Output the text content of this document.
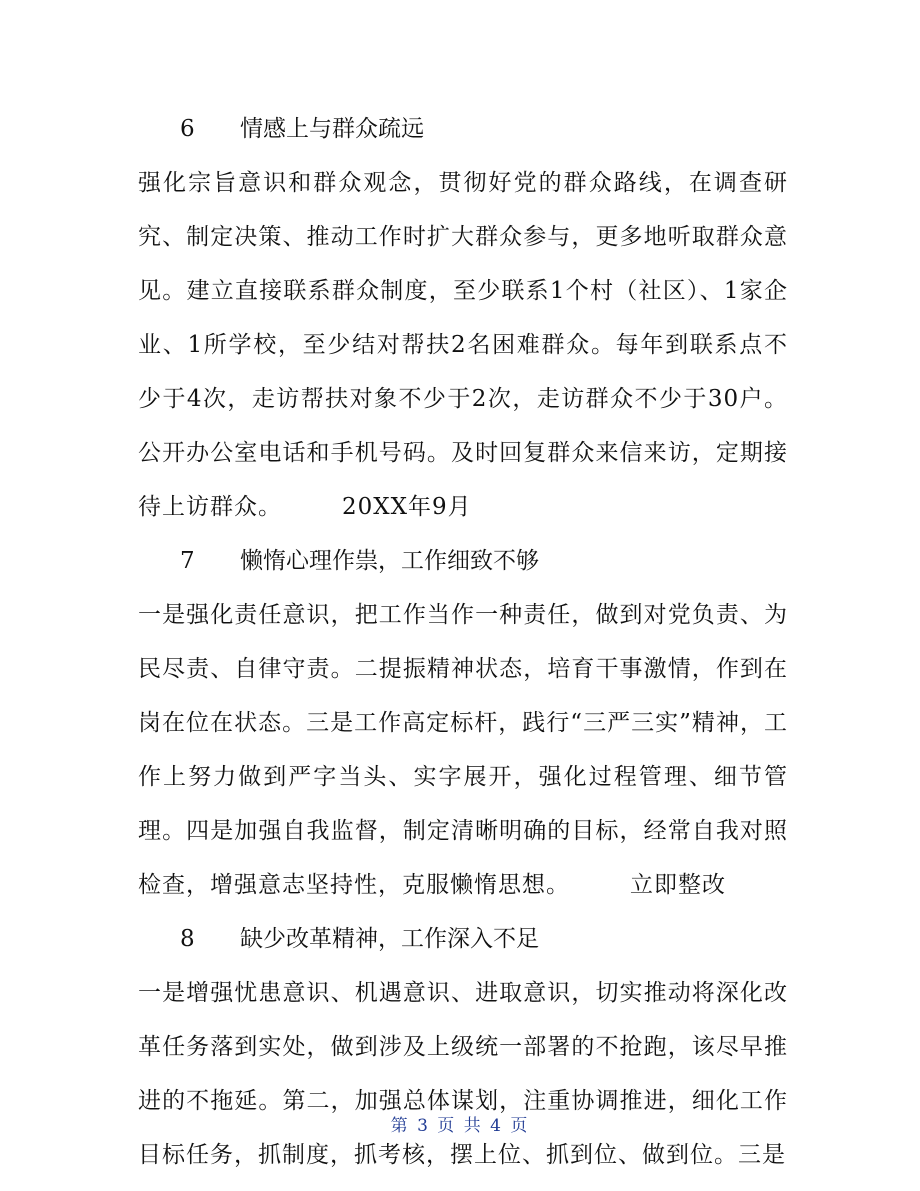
6 情感上与群众疏远

强化宗旨意识和群众观念，贯彻好党的群众路线，在调查研究、制定决策、推动工作时扩大群众参与，更多地听取群众意见。建立直接联系群众制度，至少联系1个村（社区）、1家企业、1所学校，至少结对帮扶2名困难群众。每年到联系点不少于4次，走访帮扶对象不少于2次，走访群众不少于30户。公开办公室电话和手机号码。及时回复群众来信来访，定期接待上访群众。	20XX年9月

7 懒惰心理作祟，工作细致不够

一是强化责任意识，把工作当作一种责任，做到对党负责、为民尽责、自律守责。二提振精神状态，培育干事激情，作到在岗在位在状态。三是工作高定标杆，践行“三严三实”精神，工作上努力做到严字当头、实字展开，强化过程管理、细节管理。四是加强自我监督，制定清晰明确的目标，经常自我对照检查，增强意志坚持性，克服懒惰思想。	立即整改

8 缺少改革精神，工作深入不足

一是增强忧患意识、机遇意识、进取意识，切实推动将深化改革任务落到实处，做到涉及上级统一部署的不抢跑，该尽早推进的不拖延。第二，加强总体谋划，注重协调推进，细化工作目标任务，抓制度，抓考核，摆上位、抓到位、做到位。三是

第 3 页 共 4 页
